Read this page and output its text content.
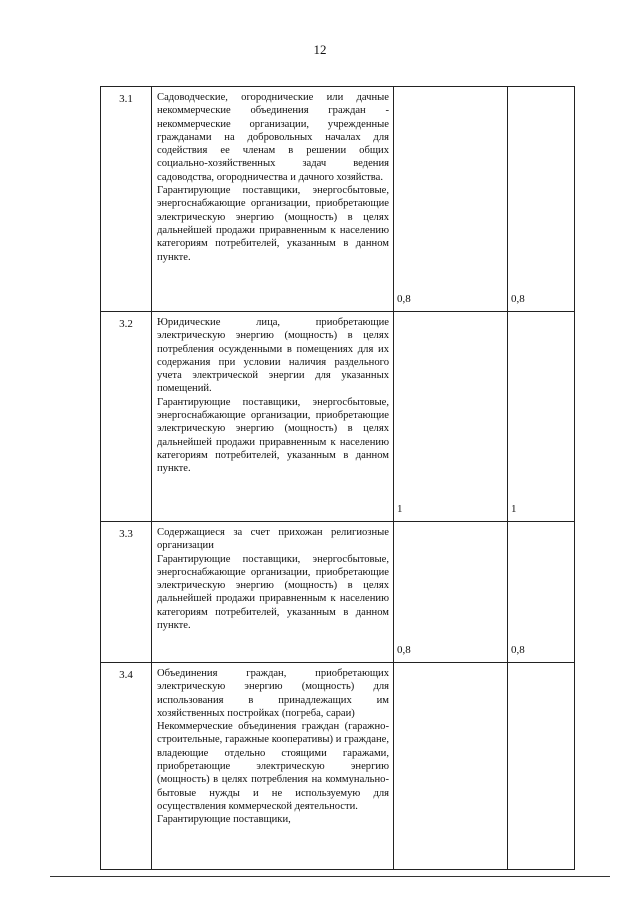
12
3.1	Садоводческие, огороднические или дачные некоммерческие объединения граждан - некоммерческие организации, учрежденные гражданами на добровольных началах для содействия ее членам в решении общих социально-хозяйственных задач ведения садоводства, огородничества и дачного хозяйства.

Гарантирующие поставщики, энергосбытовые, энергоснабжающие организации, приобретающие электрическую энергию (мощность) в целях дальнейшей продажи приравненным к населению категориям потребителей, указанным в данном пункте.	0,8	0,8
3.2	Юридические лица, приобретающие электрическую энергию (мощность) в целях потребления осужденными в помещениях для их содержания при условии наличия раздельного учета электрической энергии для указанных помещений.

Гарантирующие поставщики, энергосбытовые, энергоснабжающие организации, приобретающие электрическую энергию (мощность) в целях дальнейшей продажи приравненным к населению категориям потребителей, указанным в данном пункте.	1	1
3.3	Содержащиеся за счет прихожан религиозные организации

Гарантирующие поставщики, энергосбытовые, энергоснабжающие организации, приобретающие электрическую энергию (мощность) в целях дальнейшей продажи приравненным к населению категориям потребителей, указанным в данном пункте.	0,8	0,8
3.4	Объединения граждан, приобретающих электрическую энергию (мощность) для использования в принадлежащих им хозяйственных постройках (погреба, сараи)

Некоммерческие объединения граждан (гаражно-строительные, гаражные кооперативы) и граждане, владеющие отдельно стоящими гаражами, приобретающие электрическую энергию (мощность) в целях потребления на коммунально-бытовые нужды и не используемую для осуществления коммерческой деятельности.

Гарантирующие поставщики,		
